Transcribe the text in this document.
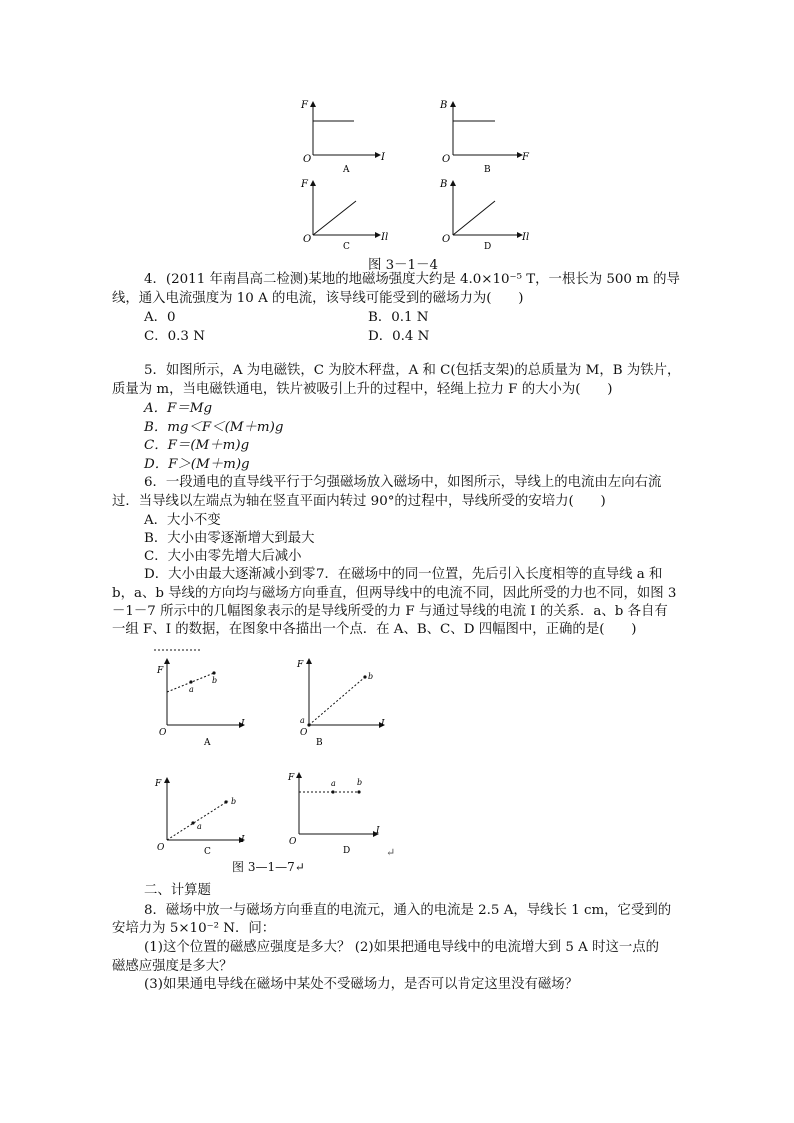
F
I
O
A
B
F
O
B
F
Il
O
C
B
Il
O
D
图 3－1－4
4．(2011 年南昌高二检测)某地的地磁场强度大约是 4.0×10⁻⁵ T，一根长为 500 m 的导
线，通入电流强度为 10 A 的电流，该导线可能受到的磁场力为(　　)
A．0	B．0.1 N
C．0.3 N	D．0.4 N
5．如图所示，A 为电磁铁，C 为胶木秤盘，A 和 C(包括支架)的总质量为 M，B 为铁片，
质量为 m，当电磁铁通电，铁片被吸引上升的过程中，轻绳上拉力 F 的大小为(　　)
A．F＝Mg
B．mg＜F＜(M＋m)g
C．F＝(M＋m)g
D．F＞(M＋m)g
6．一段通电的直导线平行于匀强磁场放入磁场中，如图所示，导线上的电流由左向右流
过．当导线以左端点为轴在竖直平面内转过 90°的过程中，导线所受的安培力(　　)
A．大小不变
B．大小由零逐渐增大到最大
C．大小由零先增大后减小
D．大小由最大逐渐减小到零 7．在磁场中的同一位置，先后引入长度相等的直导线 a 和
b，a、b 导线的方向均与磁场方向垂直，但两导线中的电流不同，因此所受的力也不同，如图 3
－1－7 所示中的几幅图象表示的是导线所受的力 F 与通过导线的电流 I 的关系．a、b 各自有
一组 F、I 的数据，在图象中各描出一个点．在 A、B、C、D 四幅图中，正确的是(　　)
a
b
F
I
O
A
a
b
F
I
O
B
a
b
F
I
O	C
a	b
F
I
O
D
图 3—1—7↵
↵
二、计算题
8．磁场中放一与磁场方向垂直的电流元，通入的电流是 2.5 A，导线长 1 cm，它受到的
安培力为 5×10⁻² N．问：
(1)这个位置的磁感应强度是多大？ (2)如果把通电导线中的电流增大到 5 A 时这一点的
磁感应强度是多大？
(3)如果通电导线在磁场中某处不受磁场力，是否可以肯定这里没有磁场？
